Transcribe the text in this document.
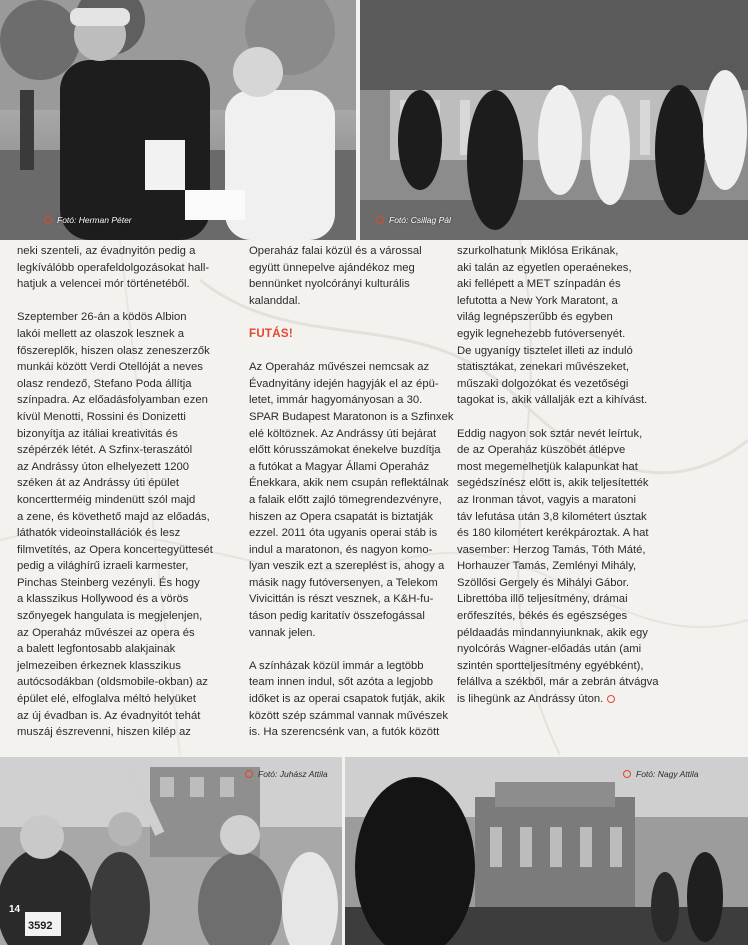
Fotó: Herman Péter	Fotó: Csillag Pál

neki szenteli, az évadnyitón pedig a
legkíválóbb operafeldolgozásokat hall-
hatjuk a velencei mór történetéből.

Szeptember 26-án a ködös Albion
lakói mellett az olaszok lesznek a
főszereplők, hiszen olasz zeneszerzők
munkái között Verdi Otellóját a neves
olasz rendező, Stefano Poda állítja
színpadra. Az előadásfolyamban ezen
kívül Menotti, Rossini és Donizetti
bizonyítja az itáliai kreativitás és
szépérzék létét. A Szfinx-teraszától
az Andrássy úton elhelyezett 1200
széken át az Andrássy úti épület
koncertterméig mindenütt szól majd
a zene, és követhető majd az előadás,
láthatók videoinstallációk és lesz
filmvetítés, az Opera koncertegyüttesét
pedig a világhírű izraeli karmester,
Pinchas Steinberg vezényli. És hogy
a klasszikus Hollywood és a vörös
szőnyegek hangulata is megjelenjen,
az Operaház művészei az opera és
a balett legfontosabb alakjainak
jelmezeiben érkeznek klasszikus
autócsodákban (oldsmobile-okban) az
épület elé, elfoglalva méltó helyüket
az új évadban is. Az évadnyitót tehát
muszáj észrevenni, hiszen kilép az

Operaház falai közül és a várossal
együtt ünnepelve ajándékoz meg
bennünket nyolcórányi kulturális
kalanddal.

FUTÁS!

Az Operaház művészei nemcsak az
Évadnyitány idején hagyják el az épü-
letet, immár hagyományosan a 30.
SPAR Budapest Maratonon is a Szfinxek
elé költöznek. Az Andrássy úti bejárat
előtt kórusszámokat énekelve buzdítja
a futókat a Magyar Állami Operaház
Énekkara, akik nem csupán reflektálnak
a falaik előtt zajló tömegrendezvényre,
hiszen az Opera csapatát is biztatják
ezzel. 2011 óta ugyanis operai stáb is
indul a maratonon, és nagyon komo-
lyan veszik ezt a szereplést is, ahogy a
másik nagy futóversenyen, a Telekom
Vivicittán is részt vesznek, a K&H-fu-
táson pedig karitatív összefogással
vannak jelen.

A színházak közül immár a legtöbb
team innen indul, sőt azóta a legjobb
időket is az operai csapatok futják, akik
között szép számmal vannak művészek
is. Ha szerencsénk van, a futók között

szurkolhatunk Miklósa Erikának,
aki talán az egyetlen operaénekes,
aki fellépett a MET színpadán és
lefutotta a New York Maratont, a
világ legnépszerűbb és egyben
egyik legnehezebb futóversenyét.
De ugyanígy tisztelet illeti az induló
statisztákat, zenekari művészeket,
műszaki dolgozókat és vezetőségi
tagokat is, akik vállalják ezt a kihívást.

Eddig nagyon sok sztár nevét leírtuk,
de az Operaház küszöbét átlépve
most megemelhetjük kalapunkat hat
segédszínész előtt is, akik teljesítették
az Ironman távot, vagyis a maratoni
táv lefutása után 3,8 kilométert úsztak
és 180 kilométert kerékpároztak. A hat
vasember: Herzog Tamás, Tóth Máté,
Horhauzer Tamás, Zemlényi Mihály,
Szöllősi Gergely és Mihályi Gábor.
Librettóba illő teljesítmény, drámai
erőfeszítés, békés és egészséges
példaadás mindannyiunknak, akik egy
nyolcórás Wagner-előadás után (ami
szintén sportteljesítmény egyébként),
felállva a székből, már a zebrán átvágva
is lihegünk az Andrássy úton.

3592
Fotó: Juhász Attila	Fotó: Nagy Attila
14
